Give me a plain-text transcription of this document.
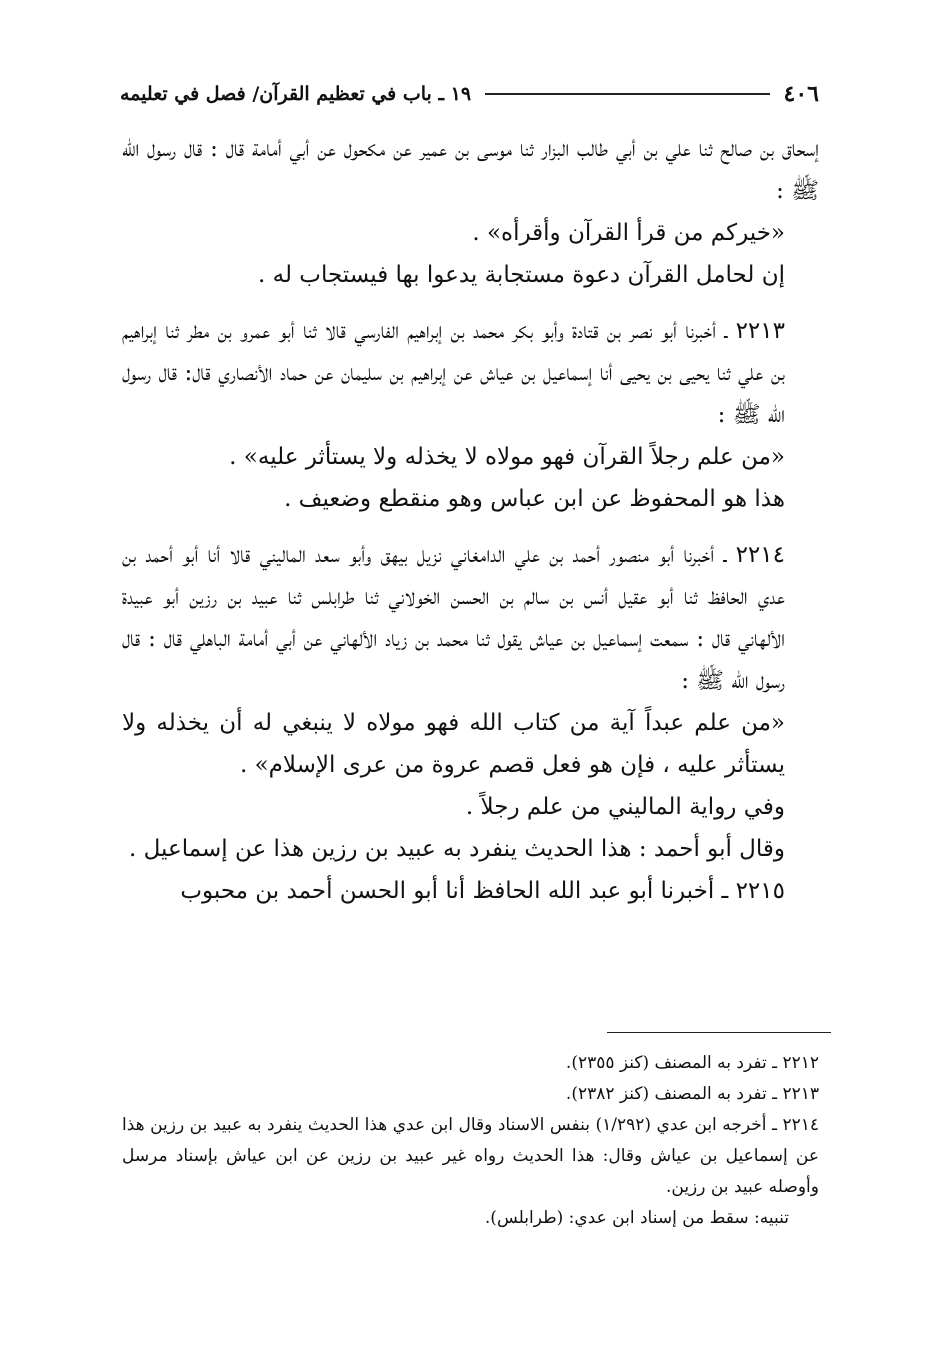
٤٠٦
١٩ ـ باب في تعظيم القرآن/ فصل في تعليمه

إسحاق بن صالح ثنا علي بن أبي طالب البزار ثنا موسى بن عمير عن مكحول عن أبي أمامة قال : قال رسول الله ﷺ :

«خيركم من قرأ القرآن وأقرأه» .

إن لحامل القرآن دعوة مستجابة يدعوا بها فيستجاب له .

٢٢١٣ ـ أخبرنا أبو نصر بن قتادة وأبو بكر محمد بن إبراهيم الفارسي قالا ثنا أبو عمرو بن مطر ثنا إبراهيم بن علي ثنا يحيى بن يحيى أنا إسماعيل بن عياش عن إبراهيم بن سليمان عن حماد الأنصاري قال: قال رسول الله ﷺ :

«من علم رجلاً القرآن فهو مولاه لا يخذله ولا يستأثر عليه» .

هذا هو المحفوظ عن ابن عباس وهو منقطع وضعيف .

٢٢١٤ ـ أخبرنا أبو منصور أحمد بن علي الدامغاني نزيل بيهق وأبو سعد الماليني قالا أنا أبو أحمد بن عدي الحافظ ثنا أبو عقيل أنس بن سالم بن الحسن الخولاني ثنا طرابلس ثنا عبيد بن رزين أبو عبيدة الألهاني قال : سمعت إسماعيل بن عياش يقول ثنا محمد بن زياد الألهاني عن أبي أمامة الباهلي قال : قال رسول الله ﷺ :

«من علم عبداً آية من كتاب الله فهو مولاه لا ينبغي له أن يخذله ولا يستأثر عليه ، فإن هو فعل قصم عروة من عرى الإسلام» .

وفي رواية الماليني من علم رجلاً .

وقال أبو أحمد : هذا الحديث ينفرد به عبيد بن رزين هذا عن إسماعيل .

٢٢١٥ ـ أخبرنا أبو عبد الله الحافظ أنا أبو الحسن أحمد بن محبوب

٢٢١٢ ـ تفرد به المصنف (كنز ٢٣٥٥).

٢٢١٣ ـ تفرد به المصنف (كنز ٢٣٨٢).

٢٢١٤ ـ أخرجه ابن عدي (١/٢٩٢) بنفس الاسناد وقال ابن عدي هذا الحديث ينفرد به عبيد بن رزين هذا عن إسماعيل بن عياش وقال: هذا الحديث رواه غير عبيد بن رزين عن ابن عياش بإسناد مرسل وأوصله عبيد بن رزين.

تنبيه: سقط من إسناد ابن عدي: (طرابلس).
